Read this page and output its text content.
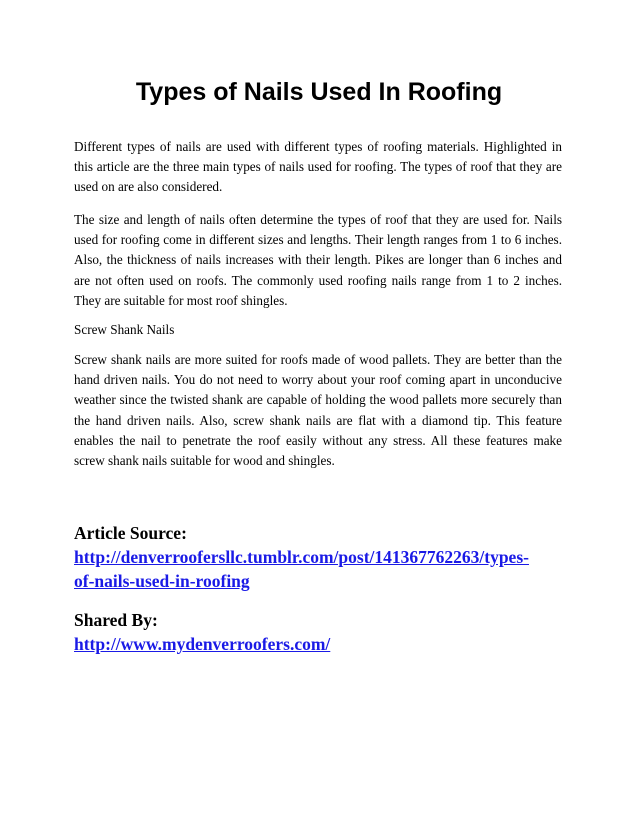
Types of Nails Used In Roofing

Different types of nails are used with different types of roofing materials. Highlighted in this article are the three main types of nails used for roofing. The types of roof that they are used on are also considered.

The size and length of nails often determine the types of roof that they are used for. Nails used for roofing come in different sizes and lengths. Their length ranges from 1 to 6 inches. Also, the thickness of nails increases with their length. Pikes are longer than 6 inches and are not often used on roofs. The commonly used roofing nails range from 1 to 2 inches. They are suitable for most roof shingles.

Screw Shank Nails

Screw shank nails are more suited for roofs made of wood pallets. They are better than the hand driven nails. You do not need to worry about your roof coming apart in unconducive weather since the twisted shank are capable of holding the wood pallets more securely than the hand driven nails. Also, screw shank nails are flat with a diamond tip. This feature enables the nail to penetrate the roof easily without any stress. All these features make screw shank nails suitable for wood and shingles.

Article Source:
http://denverroofersllc.tumblr.com/post/141367762263/types-
of-nails-used-in-roofing
Shared By:
http://www.mydenverroofers.com/
